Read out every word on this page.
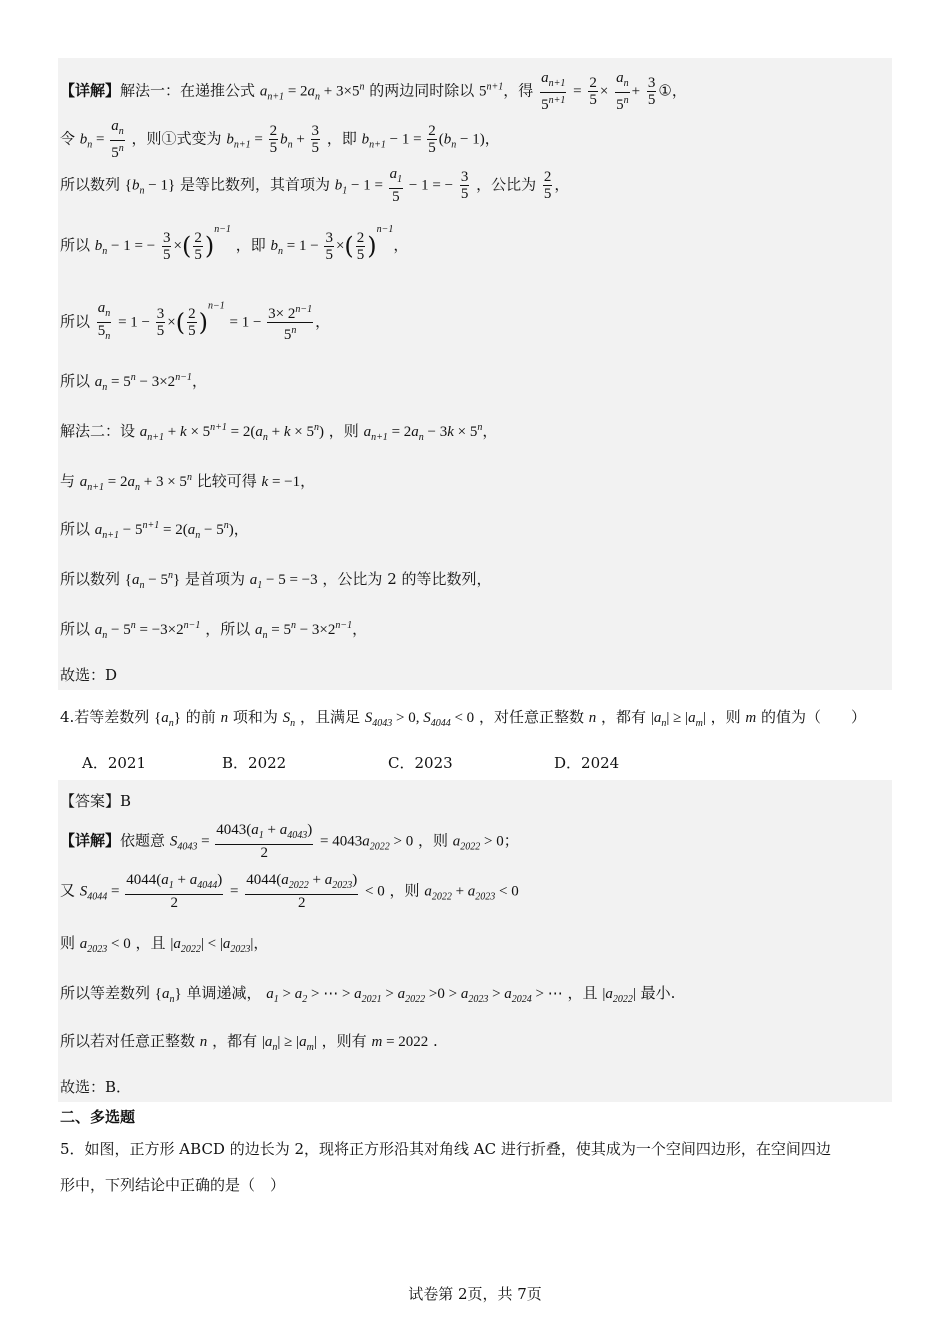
【详解】解法一：在递推公式 $a_{n+1} = 2a_n + 3\times 5^n$ 的两边同时除以 $5^{n+1}$，得 $\frac{a_{n+1}}{5^{n+1}} = \frac{2}{5} \times \frac{a_n}{5^n} + \frac{3}{5}$ ①，
令 $b_n = \frac{a_n}{5^n}$ ，则①式变为 $b_{n+1} = \frac{2}{5} b_n + \frac{3}{5}$ ，即 $b_{n+1} - 1 = \frac{2}{5} (b_n - 1)$，
所以数列 $\{b_n - 1\}$ 是等比数列，其首项为 $b_1 - 1 = \frac{a_1}{5} - 1$ = − $\frac{3}{5}$ ，公比为 $\frac{2}{5}$ ，
所以 $b_n - 1$ = − $\frac{3}{5}$ ×( $\frac{2}{5} )^{n-1}$ ，即 $b_n = 1 - \frac{3}{5}$ ×( $\frac{2}{5} )^{n-1}$，
所以 $\frac{a_n}{5_n} = 1 - \frac{3}{5}$ ×( $\frac{2}{5} )^{n-1} = 1 - \frac{3\times 2^{n-1}}{5^n}$ ，
所以 $a_n = 5^n - 3\times 2^{n-1}$，
解法二：设 $a_{n+1} + k \times 5^{n+1} = 2(a_n + k \times 5^n)$ ，则 $a_{n+1} = 2a_n - 3k \times 5^n$，
与 $a_{n+1} = 2a_n + 3 \times 5^n$ 比较可得 k = −1，
所以 $a_{n+1} - 5^{n+1} = 2(a_n - 5^n)$，
所以数列 $\{a_n - 5^n\}$ 是首项为 $a_1 - 5 = -3$ ，公比为 2 的等比数列，
所以 $a_n - 5^n = -3\times 2^{n-1}$ ，所以 $a_n = 5^n - 3\times 2^{n-1}$，
故选：D
4.若等差数列 $\{a_n\}$ 的前 n 项和为 $S_n$ ，且满足 $S_{4043} > 0$, $S_{4044} < 0$ ，对任意正整数 n ，都有 $|a_n| \ge |a_m|$ ，则 m 的值为（　　）
A．2021	B．2022	C．2023	D．2024
【答案】B
【详解】依题意 $S_{4043} = \frac{4043(a_1 + a_{4043})}{2} = 4043a_{2022} > 0$ ，则 $a_{2022} > 0$；
又 $S_{4044} = \frac{4044(a_1 + a_{4044})}{2} = \frac{4044(a_{2022} + a_{2023})}{2} < 0$ ，则 $a_{2022} + a_{2023} < 0$
则 $a_{2023} < 0$ ，且 $|a_{2022}| < |a_{2023}|$，
所以等差数列 $\{a_n\}$ 单调递减， $a_1 > a_2$ > ⋯ > $a_{2021} > a_{2022} >0 > a_{2023} > a_{2024}$ > ⋯ ，且 $|a_{2022}|$ 最小.
所以若对任意正整数 n ，都有 $|a_n| \ge |a_m|$ ，则有 m = 2022 .
故选：B．
二、多选题
5．如图，正方形 ABCD 的边长为 2，现将正方形沿其对角线 AC 进行折叠，使其成为一个空间四边形，在空间四边
形中，下列结论中正确的是（　）
试卷第 2页，共 7页
